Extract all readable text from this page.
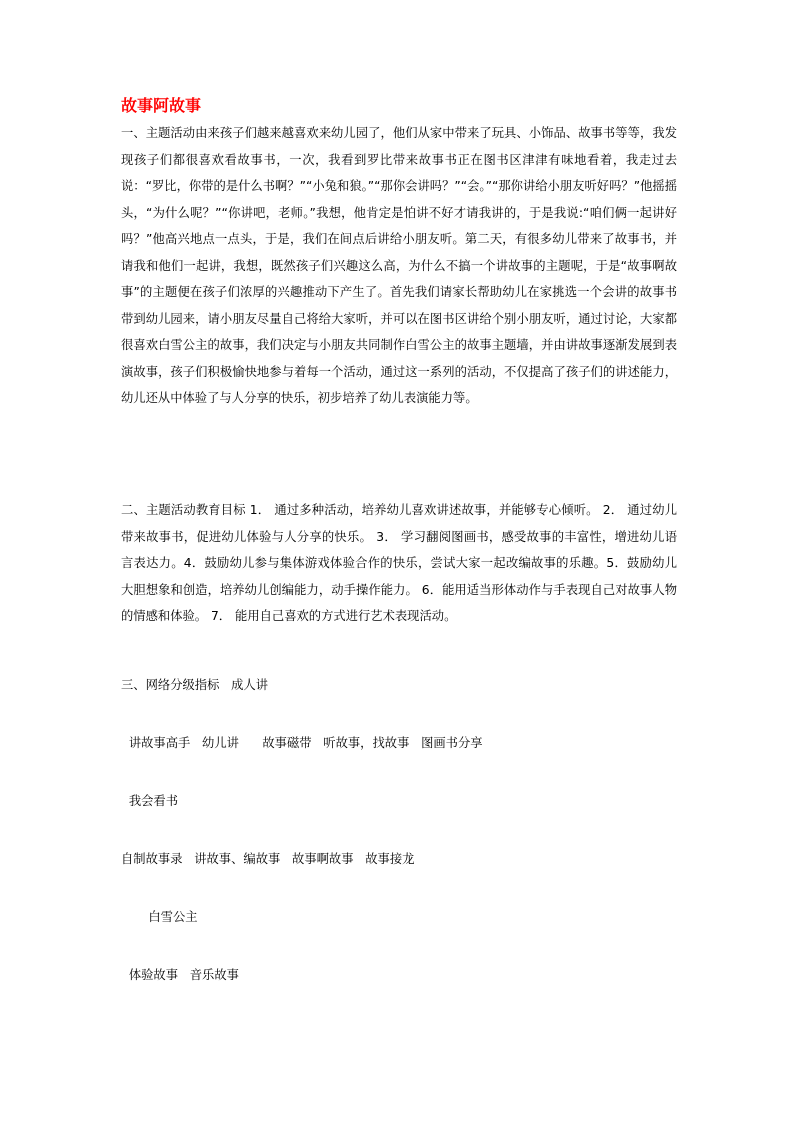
故事阿故事

一、主题活动由来孩子们越来越喜欢来幼儿园了，他们从家中带来了玩具、小饰品、故事书等等，我发现孩子们都很喜欢看故事书，一次，我看到罗比带来故事书正在图书区津津有味地看着，我走过去说：“罗比，你带的是什么书啊？”“小兔和狼。”“那你会讲吗？”“会。”“那你讲给小朋友听好吗？”他摇摇头，“为什么呢？”“你讲吧，老师。”我想，他肯定是怕讲不好才请我讲的，于是我说:“咱们俩一起讲好吗？”他高兴地点一点头，于是，我们在间点后讲给小朋友听。第二天，有很多幼儿带来了故事书，并请我和他们一起讲，我想，既然孩子们兴趣这么高，为什么不搞一个讲故事的主题呢，于是“故事啊故事”的主题便在孩子们浓厚的兴趣推动下产生了。首先我们请家长帮助幼儿在家挑选一个会讲的故事书带到幼儿园来，请小朋友尽量自己将给大家听，并可以在图书区讲给个别小朋友听，通过讨论，大家都很喜欢白雪公主的故事，我们决定与小朋友共同制作白雪公主的故事主题墙，并由讲故事逐渐发展到表演故事，孩子们积极愉快地参与着每一个活动，通过这一系列的活动，不仅提高了孩子们的讲述能力，幼儿还从中体验了与人分享的快乐，初步培养了幼儿表演能力等。

二、主题活动教育目标 1． 通过多种活动，培养幼儿喜欢讲述故事，并能够专心倾听。 2． 通过幼儿带来故事书，促进幼儿体验与人分享的快乐。 3． 学习翻阅图画书，感受故事的丰富性，增进幼儿语言表达力。4．鼓励幼儿参与集体游戏体验合作的快乐，尝试大家一起改编故事的乐趣。5．鼓励幼儿大胆想象和创造，培养幼儿创编能力，动手操作能力。 6．能用适当形体动作与手表现自己对故事人物的情感和体验。 7． 能用自己喜欢的方式进行艺术表现活动。

三、网络分级指标   成人讲
讲故事高手   幼儿讲      故事磁带   听故事，找故事   图画书分享
我会看书
自制故事录   讲故事、编故事   故事啊故事   故事接龙
白雪公主
体验故事   音乐故事
